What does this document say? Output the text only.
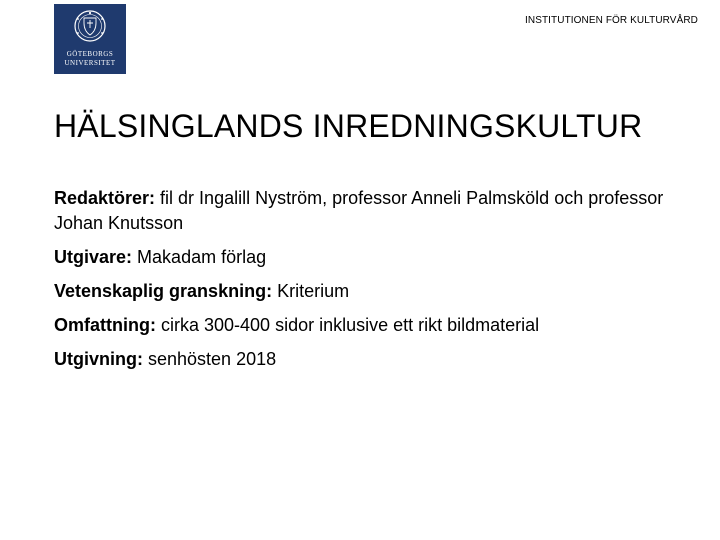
GÖTEBORGS
UNIVERSITET
INSTITUTIONEN FÖR KULTURVÅRD
HÄLSINGLANDS INREDNINGSKULTUR

Redaktörer: fil dr Ingalill Nyström, professor Anneli Palmsköld och professor Johan Knutsson

Utgivare: Makadam förlag

Vetenskaplig granskning: Kriterium

Omfattning: cirka 300-400 sidor inklusive ett rikt bildmaterial

Utgivning: senhösten 2018
